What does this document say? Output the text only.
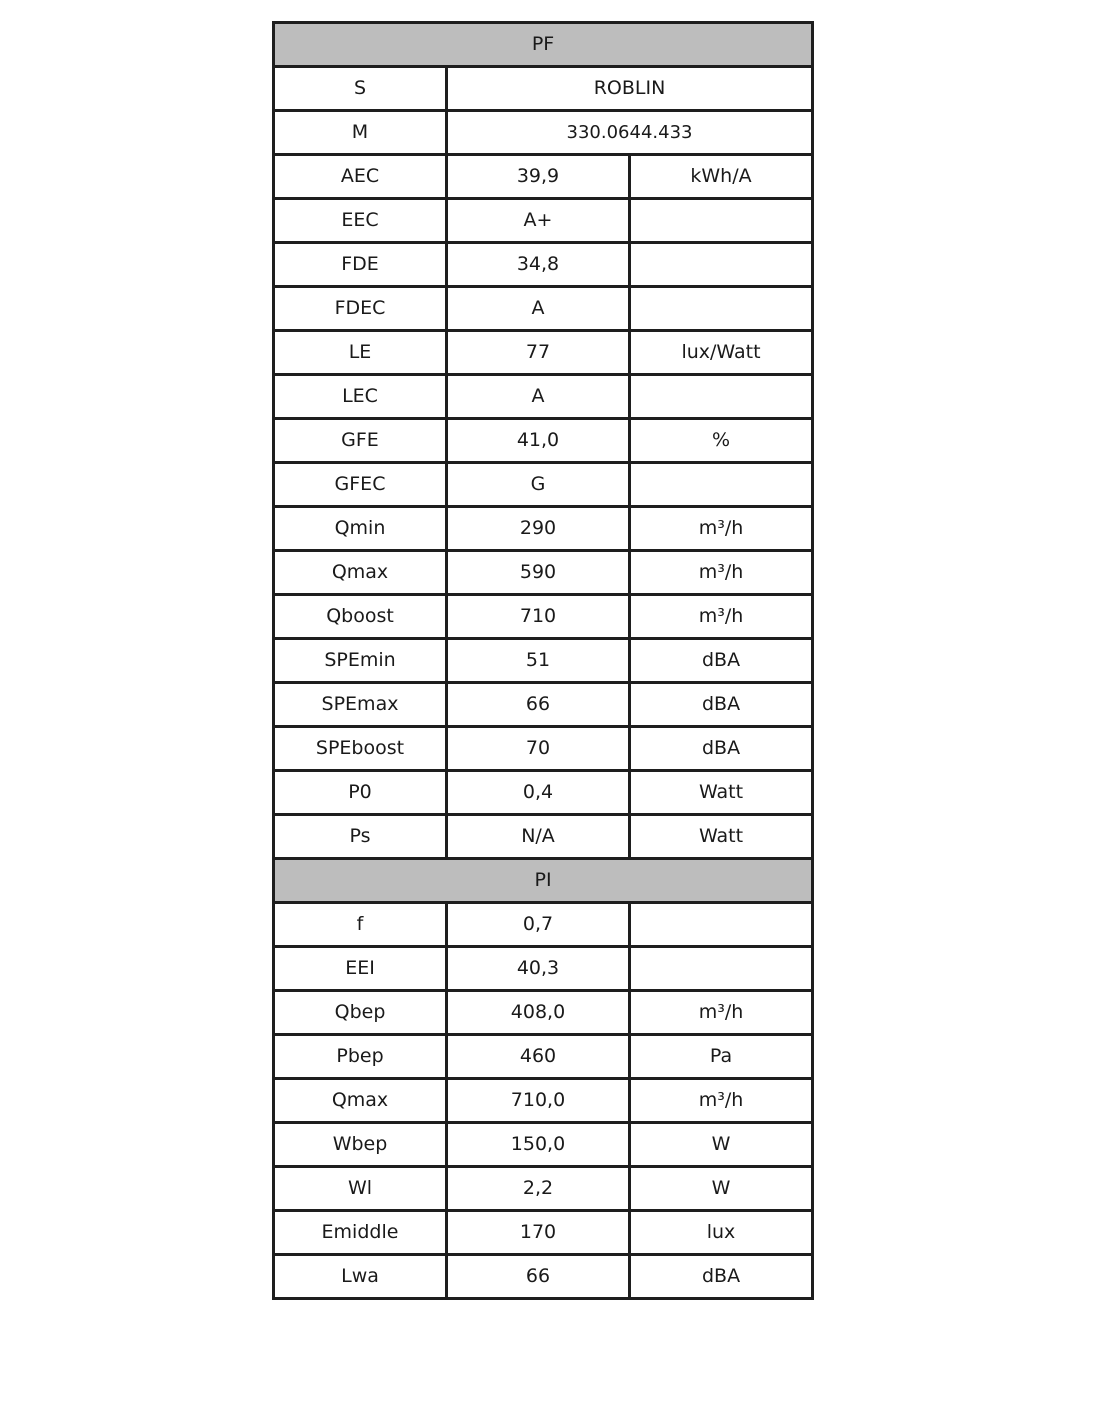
PF		
S	ROBLIN	
M	330.0644.433	
AEC	39,9	kWh/A
EEC	A+	
FDE	34,8	
FDEC	A	
LE	77	lux/Watt
LEC	A	
GFE	41,0	%
GFEC	G	
Qmin	290	m³/h
Qmax	590	m³/h
Qboost	710	m³/h
SPEmin	51	dBA
SPEmax	66	dBA
SPEboost	70	dBA
P0	0,4	Watt
Ps	N/A	Watt
PI		
f	0,7	
EEI	40,3	
Qbep	408,0	m³/h
Pbep	460	Pa
Qmax	710,0	m³/h
Wbep	150,0	W
Wl	2,2	W
Emiddle	170	lux
Lwa	66	dBA
